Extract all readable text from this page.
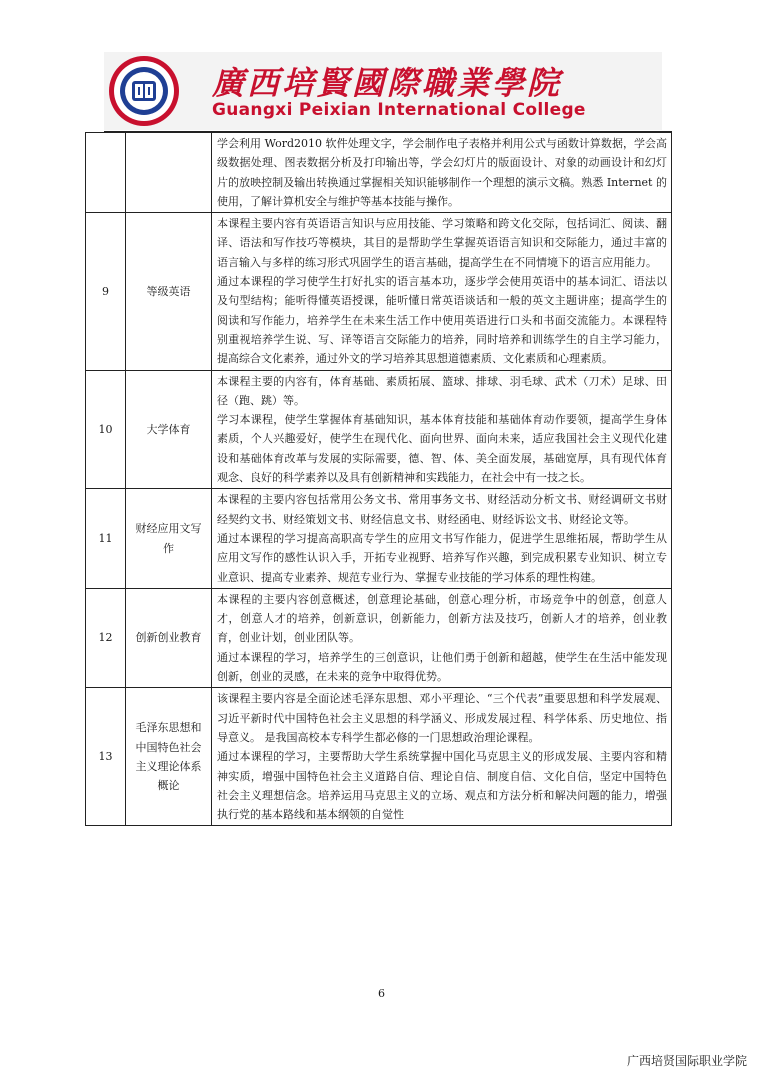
廣西培賢國際職業學院
Guangxi Peixian International College

		学会利用 Word2010 软件处理文字，学会制作电子表格并利用公式与函数计算数据，学会高级数据处理、图表数据分析及打印输出等，学会幻灯片的版面设计、对象的动画设计和幻灯片的放映控制及输出转换通过掌握相关知识能够制作一个理想的演示文稿。熟悉 Internet 的使用，了解计算机安全与维护等基本技能与操作。

9	等级英语	本课程主要内容有英语语言知识与应用技能、学习策略和跨文化交际，包括词汇、阅读、翻译、语法和写作技巧等模块，其目的是帮助学生掌握英语语言知识和交际能力，通过丰富的语言输入与多样的练习形式巩固学生的语言基础，提高学生在不同情境下的语言应用能力。

通过本课程的学习使学生打好扎实的语言基本功，逐步学会使用英语中的基本词汇、语法以及句型结构；能听得懂英语授课，能听懂日常英语谈话和一般的英文主题讲座；提高学生的阅读和写作能力，培养学生在未来生活工作中使用英语进行口头和书面交流能力。本课程特别重视培养学生说、写、译等语言交际能力的培养，同时培养和训练学生的自主学习能力，提高综合文化素养，通过外文的学习培养其思想道德素质、文化素质和心理素质。

10	大学体育	本课程主要的内容有，体育基础、素质拓展、篮球、排球、羽毛球、武术（刀术）足球、田径（跑、跳）等。

学习本课程，使学生掌握体育基础知识，基本体育技能和基础体育动作要领，提高学生身体素质，个人兴趣爱好，使学生在现代化、面向世界、面向未来，适应我国社会主义现代化建设和基础体育改革与发展的实际需要，德、智、体、美全面发展，基础宽厚，具有现代体育观念、良好的科学素养以及具有创新精神和实践能力，在社会中有一技之长。

11	财经应用文写作	本课程的主要内容包括常用公务文书、常用事务文书、财经活动分析文书、财经调研文书财经契约文书、财经策划文书、财经信息文书、财经函电、财经诉讼文书、财经论文等。

通过本课程的学习提高高职高专学生的应用文书写作能力，促进学生思维拓展，帮助学生从应用文写作的感性认识入手，开拓专业视野、培养写作兴趣，到完成积累专业知识、树立专业意识、提高专业素养、规范专业行为、掌握专业技能的学习体系的理性构建。

12	创新创业教育	本课程的主要内容创意概述，创意理论基础，创意心理分析，市场竞争中的创意，创意人才，创意人才的培养，创新意识，创新能力，创新方法及技巧，创新人才的培养，创业教育，创业计划，创业团队等。

通过本课程的学习，培养学生的三创意识，让他们勇于创新和超越，使学生在生活中能发现创新，创业的灵感，在未来的竞争中取得优势。

13	毛泽东思想和中国特色社会主义理论体系概论	该课程主要内容是全面论述毛泽东思想、邓小平理论、“三个代表”重要思想和科学发展观、习近平新时代中国特色社会主义思想的科学涵义、形成发展过程、科学体系、历史地位、指导意义。 是我国高校本专科学生都必修的一门思想政治理论课程。

通过本课程的学习，主要帮助大学生系统掌握中国化马克思主义的形成发展、主要内容和精神实质，增强中国特色社会主义道路自信、理论自信、制度自信、文化自信，坚定中国特色社会主义理想信念。培养运用马克思主义的立场、观点和方法分析和解决问题的能力，增强执行党的基本路线和基本纲领的自觉性

6
广西培贤国际职业学院
